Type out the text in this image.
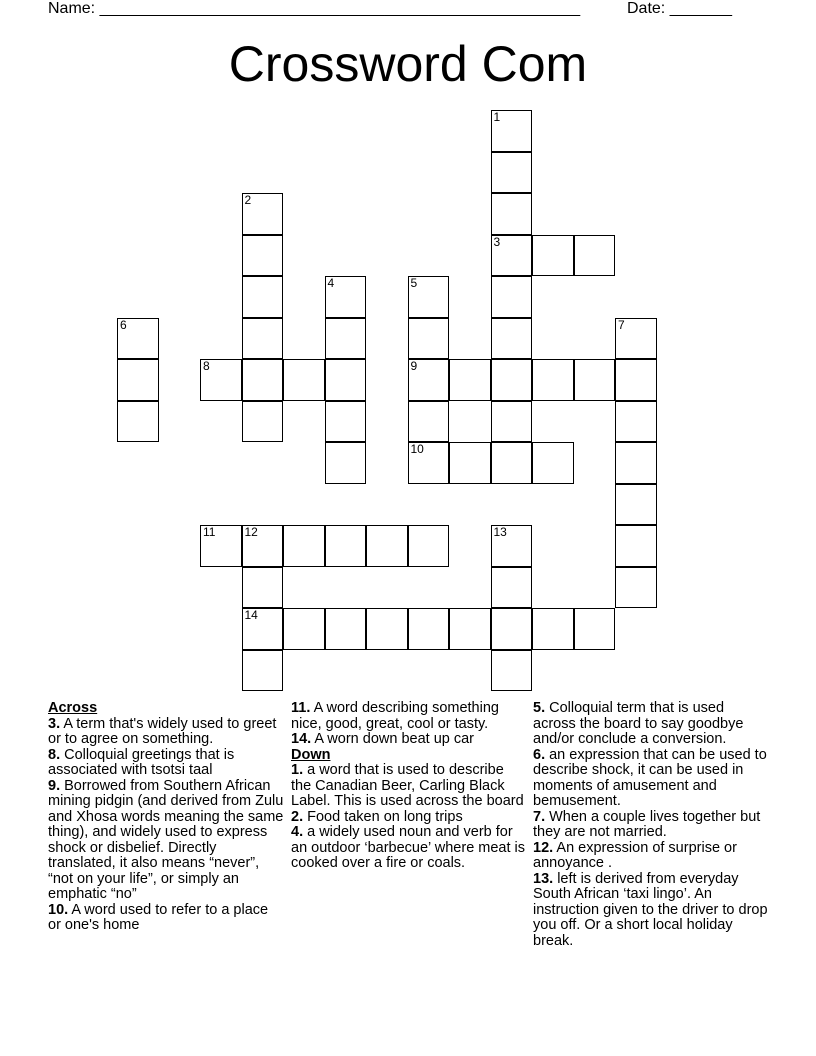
Name: ______________________________________________________	Date: _______
Crossword Com
1
2
3
4	5
6	7
8	9
10
11 12	13
14
Across

3. A term that's widely used to greet or to agree on something.

8. Colloquial greetings that is associated with tsotsi taal

9. Borrowed from Southern African mining pidgin (and derived from Zulu and Xhosa words meaning the same thing), and widely used to express shock or disbelief. Directly translated, it also means “never”, “not on your life”, or simply an emphatic “no”

10. A word used to refer to a place or one's home

11. A word describing something nice, good, great, cool or tasty.

14. A worn down beat up car

Down

1. a word that is used to describe the Canadian Beer, Carling Black Label. This is used across the board

2. Food taken on long trips

4. a widely used noun and verb for an outdoor ‘barbecue’ where meat is cooked over a fire or coals.

5. Colloquial term that is used across the board to say goodbye and/or conclude a conversion.

6. an expression that can be used to describe shock, it can be used in moments of amusement and bemusement.

7. When a couple lives together but they are not married.

12. An expression of surprise or annoyance .

13. left is derived from everyday South African ‘taxi lingo’. An instruction given to the driver to drop you off. Or a short local holiday break.
